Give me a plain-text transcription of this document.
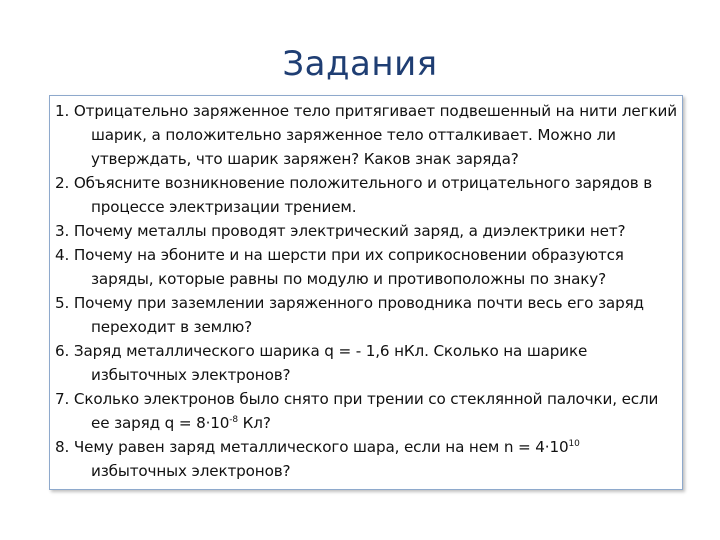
Задания
1. Отрицательно заряженное тело притягивает подвешенный на нити легкий шарик, а положительно заряженное тело отталкивает. Можно ли утверждать, что шарик заряжен? Каков знак заряда?
2. Объясните возникновение положительного и отрицательного зарядов в процессе электризации трением.
3. Почему металлы проводят электрический заряд, а диэлектрики нет?
4. Почему на эбоните и на шерсти при их соприкосновении образуются заряды, которые равны по модулю и противоположны по знаку?
5. Почему при заземлении заряженного проводника почти весь его заряд переходит в землю?
6. Заряд металлического шарика q = - 1,6 нКл. Сколько на шарике избыточных электронов?
7. Сколько электронов было снято при трении со стеклянной палочки, если ее заряд $q = 8\cdot 10^{-8}$ Кл?
8. Чему равен заряд металлического шара, если на нем $n = 4\cdot 10^{10}$ избыточных электронов?
